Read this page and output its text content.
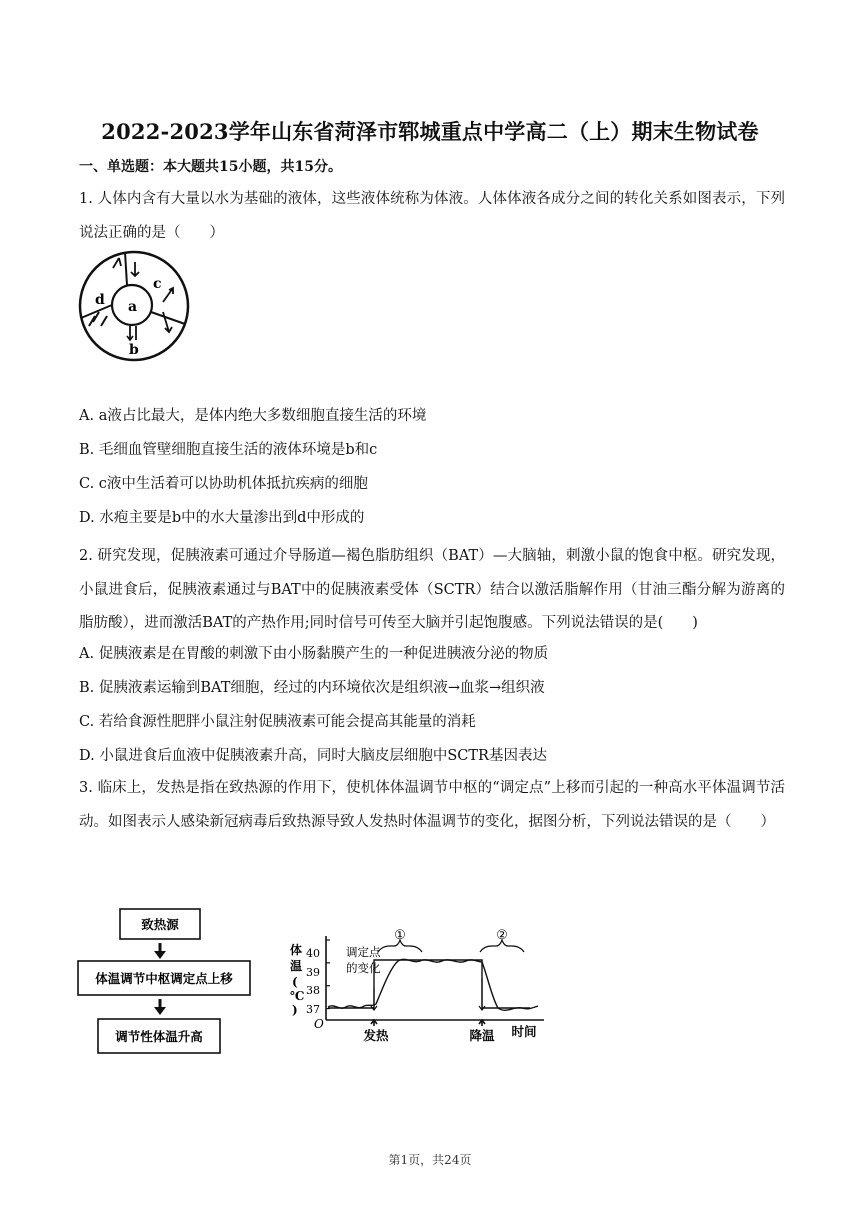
2022-2023学年山东省菏泽市郓城重点中学高二（上）期末生物试卷
一、单选题：本大题共15小题，共15分。
1. 人体内含有大量以水为基础的液体，这些液体统称为体液。人体体液各成分之间的转化关系如图表示，下列说法正确的是（　　）
a
b
c
d
A. a液占比最大，是体内绝大多数细胞直接生活的环境
B. 毛细血管壁细胞直接生活的液体环境是b和c
C. c液中生活着可以协助机体抵抗疾病的细胞
D. 水疱主要是b中的水大量渗出到d中形成的
2. 研究发现，促胰液素可通过介导肠道—褐色脂肪组织（BAT）—大脑轴，刺激小鼠的饱食中枢。研究发现，小鼠进食后，促胰液素通过与BAT中的促胰液素受体（SCTR）结合以激活脂解作用（甘油三酯分解为游离的脂肪酸），进而激活BAT的产热作用;同时信号可传至大脑并引起饱腹感。下列说法错误的是(　　)
A. 促胰液素是在胃酸的刺激下由小肠黏膜产生的一种促进胰液分泌的物质
B. 促胰液素运输到BAT细胞，经过的内环境依次是组织液→血浆→组织液
C. 若给食源性肥胖小鼠注射促胰液素可能会提高其能量的消耗
D. 小鼠进食后血液中促胰液素升高，同时大脑皮层细胞中SCTR基因表达
3. 临床上，发热是指在致热源的作用下，使机体体温调节中枢的“调定点”上移而引起的一种高水平体温调节活动。如图表示人感染新冠病毒后致热源导致人发热时体温调节的变化，据图分析，下列说法错误的是（　　）
致热源
体温调节中枢调定点上移
调节性体温升高
体
温
(
℃
)
O
40
39
38
37
调定点
的变化
①	②
发热	降温 时间
第1页，共24页
